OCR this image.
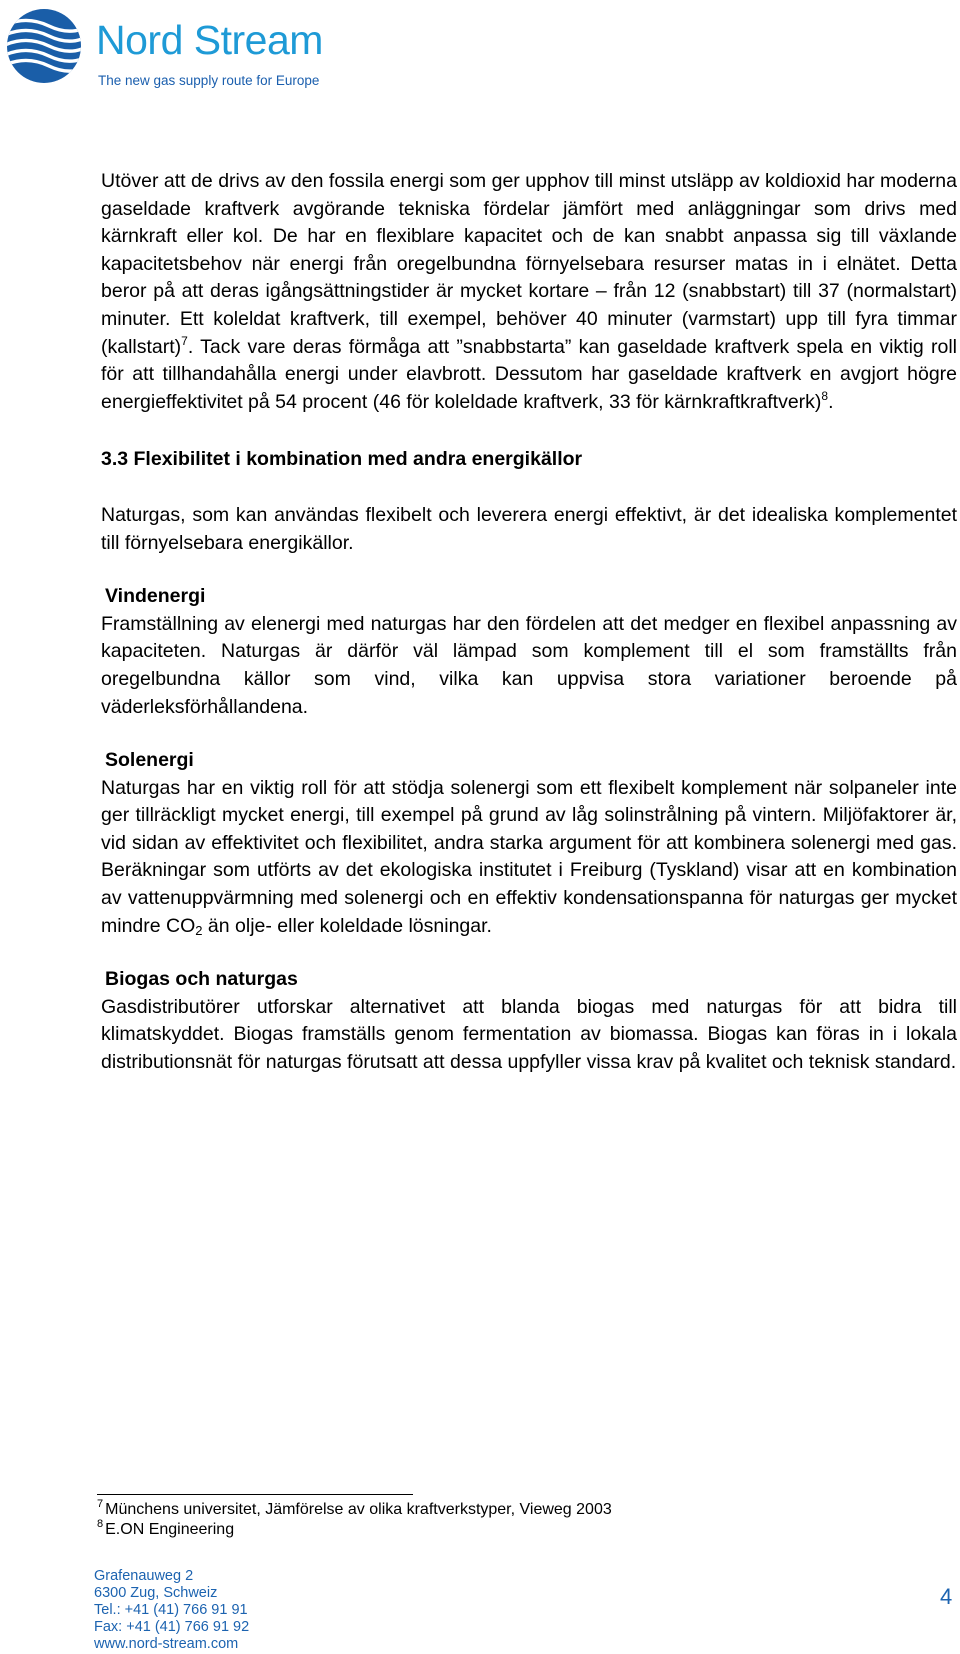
Nord Stream
The new gas supply route for Europe

Utöver att de drivs av den fossila energi som ger upphov till minst utsläpp av koldioxid har moderna gaseldade kraftverk avgörande tekniska fördelar jämfört med anläggningar som drivs med kärnkraft eller kol. De har en flexiblare kapacitet och de kan snabbt anpassa sig till växlande kapacitetsbehov när energi från oregelbundna förnyelsebara resurser matas in i elnätet. Detta beror på att deras igångsättningstider är mycket kortare – från 12 (snabbstart) till 37 (normalstart) minuter. Ett koleldat kraftverk, till exempel, behöver 40 minuter (varmstart) upp till fyra timmar (kallstart)$^7$. Tack vare deras förmåga att ”snabbstarta” kan gaseldade kraftverk spela en viktig roll för att tillhandahålla energi under elavbrott. Dessutom har gaseldade kraftverk en avgjort högre energieffektivitet på 54 procent (46 för koleldade kraftverk, 33 för kärnkraftkraftverk)$^8$.

3.3 Flexibilitet i kombination med andra energikällor

Naturgas, som kan användas flexibelt och leverera energi effektivt, är det idealiska komplementet till förnyelsebara energikällor.

Vindenergi

Framställning av elenergi med naturgas har den fördelen att det medger en flexibel anpassning av kapaciteten. Naturgas är därför väl lämpad som komplement till el som framställts från oregelbundna källor som vind, vilka kan uppvisa stora variationer beroende på väderleksförhållandena.

Solenergi

Naturgas har en viktig roll för att stödja solenergi som ett flexibelt komplement när solpaneler inte ger tillräckligt mycket energi, till exempel på grund av låg solinstrålning på vintern. Miljöfaktorer är, vid sidan av effektivitet och flexibilitet, andra starka argument för att kombinera solenergi med gas. Beräkningar som utförts av det ekologiska institutet i Freiburg (Tyskland) visar att en kombination av vattenuppvärmning med solenergi och en effektiv kondensationspanna för naturgas ger mycket mindre $CO_2$ än olje- eller koleldade lösningar.

Biogas och naturgas

Gasdistributörer utforskar alternativet att blanda biogas med naturgas för att bidra till klimatskyddet. Biogas framställs genom fermentation av biomassa. Biogas kan föras in i lokala distributionsnät för naturgas förutsatt att dessa uppfyller vissa krav på kvalitet och teknisk standard.

$^7$ Münchens universitet, Jämförelse av olika kraftverkstyper, Vieweg 2003
$^8$ E.ON Engineering
Grafenauweg 2
6300 Zug, Schweiz
Tel.: +41 (41) 766 91 91
Fax: +41 (41) 766 91 92
www.nord-stream.com
4
